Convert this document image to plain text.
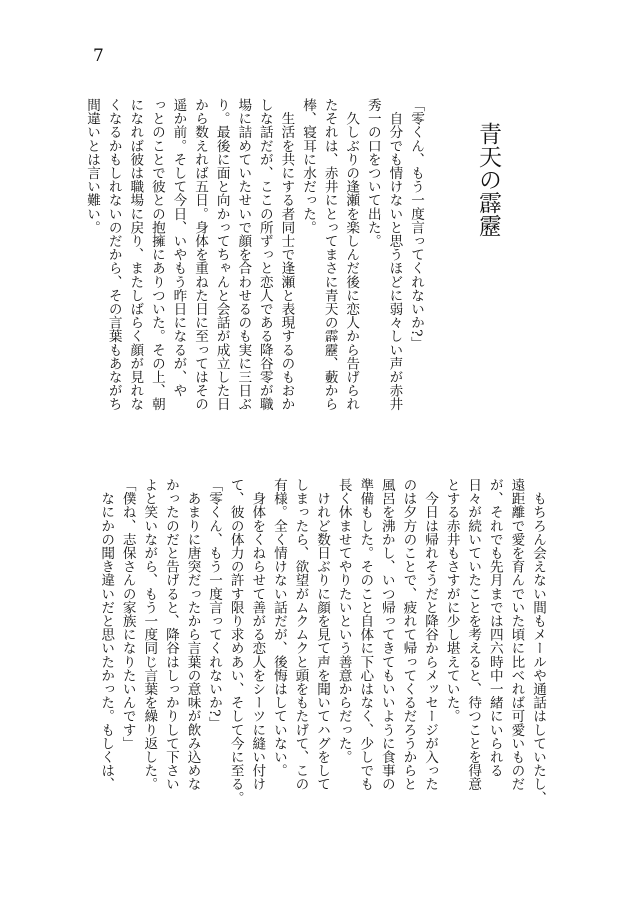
7
青天の霹靂
「零くん、もう一度言ってくれないか?」
　自分でも情けないと思うほどに弱々しい声が赤井
秀一の口をついて出た。
　久しぶりの逢瀬を楽しんだ後に恋人から告げられ
たそれは、赤井にとってまさに青天の霹靂、藪から
棒、寝耳に水だった。
　生活を共にする者同士で逢瀬と表現するのもおか
しな話だが、ここの所ずっと恋人である降谷零が職
場に詰めていたせいで顔を合わせるのも実に三日ぶ
り。最後に面と向かってちゃんと会話が成立した日
から数えれば五日。身体を重ねた日に至ってはその
遥か前。そして今日、いやもう昨日になるが、や
っとのことで彼との抱擁にありついた。その上、朝
になれば彼は職場に戻り、またしばらく顔が見れな
くなるかもしれないのだから、その言葉もあながち
間違いとは言い難い。
　もちろん会えない間もメールや通話はしていたし、
遠距離で愛を育んでいた頃に比べれば可愛いものだ
が、それでも先月までは四六時中一緒にいられる
日々が続いていたことを考えると、待つことを得意
とする赤井もさすがに少し堪えていた。
　今日は帰れそうだと降谷からメッセージが入った
のは夕方のことで、疲れて帰ってくるだろうからと
風呂を沸かし、いつ帰ってきてもいいように食事の
準備もした。そのこと自体に下心はなく、少しでも
長く休ませてやりたいという善意からだった。
　けれど数日ぶりに顔を見て声を聞いてハグをして
しまったら、欲望がムクムクと頭をもたげて、この
有様。全く情けない話だが、後悔はしていない。
　身体をくねらせて善がる恋人をシーツに縫い付け
て、彼の体力の許す限り求めあい、そして今に至る。
「零くん、もう一度言ってくれないか?」
　あまりに唐突だったから言葉の意味が飲み込めな
かったのだと告げると、降谷はしっかりして下さい
よと笑いながら、もう一度同じ言葉を繰り返した。
「僕ね、志保さんの家族になりたいんです」
　なにかの聞き違いだと思いたかった。もしくは、
